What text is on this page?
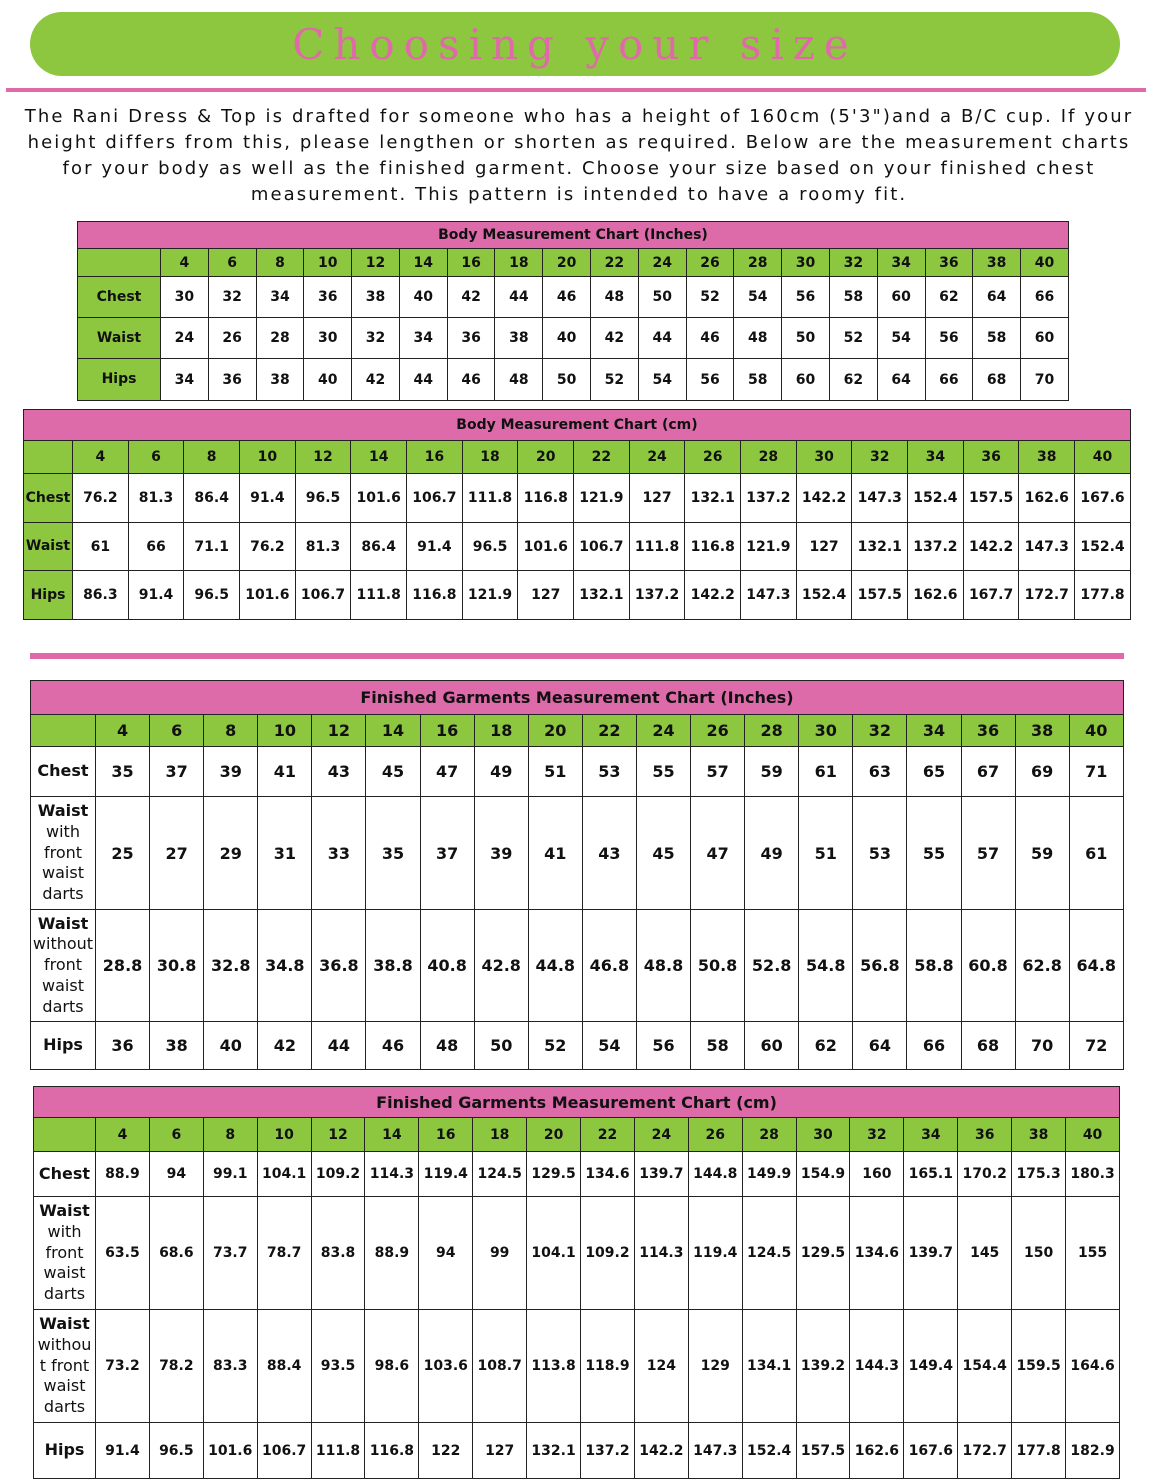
Choosing your size

The Rani Dress & Top is drafted for someone who has a height of 160cm (5'3")and a B/C cup. If your height differs from this, please lengthen or shorten as required. Below are the measurement charts for your body as well as the finished garment. Choose your size based on your finished chest measurement. This pattern is intended to have a roomy fit.

Body Measurement Chart (Inches)																			
	4	6	8	10	12	14	16	18	20	22	24	26	28	30	32	34	36	38	40

Chest	30	32	34	36	38	40	42	44	46	48	50	52	54	56	58	60	62	64	66

Waist	24	26	28	30	32	34	36	38	40	42	44	46	48	50	52	54	56	58	60

Hips	34	36	38	40	42	44	46	48	50	52	54	56	58	60	62	64	66	68	70
Body Measurement Chart (cm)																			
	4	6	8	10	12	14	16	18	20	22	24	26	28	30	32	34	36	38	40

Chest	76.2	81.3	86.4	91.4	96.5	101.6	106.7	111.8	116.8	121.9	127	132.1	137.2	142.2	147.3	152.4	157.5	162.6	167.6

Waist	61	66	71.1	76.2	81.3	86.4	91.4	96.5	101.6	106.7	111.8	116.8	121.9	127	132.1	137.2	142.2	147.3	152.4

Hips	86.3	91.4	96.5	101.6	106.7	111.8	116.8	121.9	127	132.1	137.2	142.2	147.3	152.4	157.5	162.6	167.7	172.7	177.8
Finished Garments Measurement Chart (Inches)																			
	4	6	8	10	12	14	16	18	20	22	24	26	28	30	32	34	36	38	40

Chest	35	37	39	41	43	45	47	49	51	53	55	57	59	61	63	65	67	69	71

Waist
with
front
waist
darts	25	27	29	31	33	35	37	39	41	43	45	47	49	51	53	55	57	59	61

Waist
without
front
waist
darts	28.8	30.8	32.8	34.8	36.8	38.8	40.8	42.8	44.8	46.8	48.8	50.8	52.8	54.8	56.8	58.8	60.8	62.8	64.8

Hips	36	38	40	42	44	46	48	50	52	54	56	58	60	62	64	66	68	70	72
Finished Garments Measurement Chart (cm)																			
	4	6	8	10	12	14	16	18	20	22	24	26	28	30	32	34	36	38	40

Chest	88.9	94	99.1	104.1	109.2	114.3	119.4	124.5	129.5	134.6	139.7	144.8	149.9	154.9	160	165.1	170.2	175.3	180.3

Waist
with
front
waist
darts	63.5	68.6	73.7	78.7	83.8	88.9	94	99	104.1	109.2	114.3	119.4	124.5	129.5	134.6	139.7	145	150	155

Waist
withou
t front
waist
darts	73.2	78.2	83.3	88.4	93.5	98.6	103.6	108.7	113.8	118.9	124	129	134.1	139.2	144.3	149.4	154.4	159.5	164.6

Hips	91.4	96.5	101.6	106.7	111.8	116.8	122	127	132.1	137.2	142.2	147.3	152.4	157.5	162.6	167.6	172.7	177.8	182.9
